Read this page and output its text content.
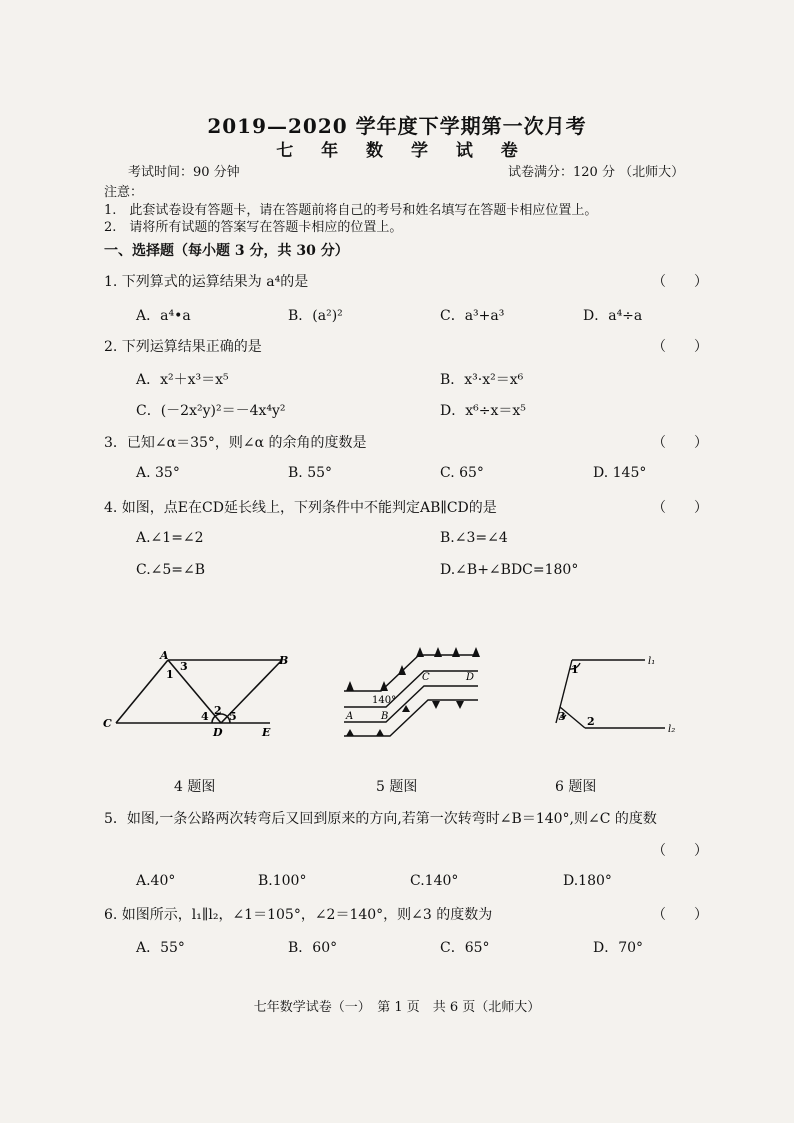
2019—2020 学年度下学期第一次月考
七 年 数 学 试 卷
考试时间：90 分钟	试卷满分：120 分 （北师大）
注意：
1.　此套试卷设有答题卡，请在答题前将自己的考号和姓名填写在答题卡相应位置上。
2.　请将所有试题的答案写在答题卡相应的位置上。
一、选择题（每小题 3 分，共 30 分）
1. 下列算式的运算结果为 a⁴的是	（　　）
A．a⁴•a	B．(a²)²	C．a³+a³	D．a⁴÷a
2. 下列运算结果正确的是	（　　）
A．x²＋x³＝x⁵	B．x³·x²＝x⁶
C．(－2x²y)²＝－4x⁴y²	D．x⁶÷x＝x⁵
3．已知∠α＝35°，则∠α 的余角的度数是	（　　）
A. 35°	B. 55°	C. 65°	D. 145°
4. 如图，点E在CD延长线上，下列条件中不能判定AB∥CD的是	（　　）
A.∠1=∠2	B.∠3=∠4
C.∠5=∠B	D.∠B+∠BDC=180°
A	B
C
D	E
1
2
3
4 5	A	B
C	D
140°
1
2
3
l₁
l₂
4 题图	5 题图	6 题图
5．如图,一条公路两次转弯后又回到原来的方向,若第一次转弯时∠B＝140°,则∠C 的度数
（　　）
A.40°	B.100°	C.140°	D.180°
6. 如图所示，l₁∥l₂，∠1＝105°，∠2＝140°，则∠3 的度数为	（　　）
A．55°	B．60°	C．65°	D．70°
七年数学试卷（一）　第 1 页　共 6 页（北师大）
